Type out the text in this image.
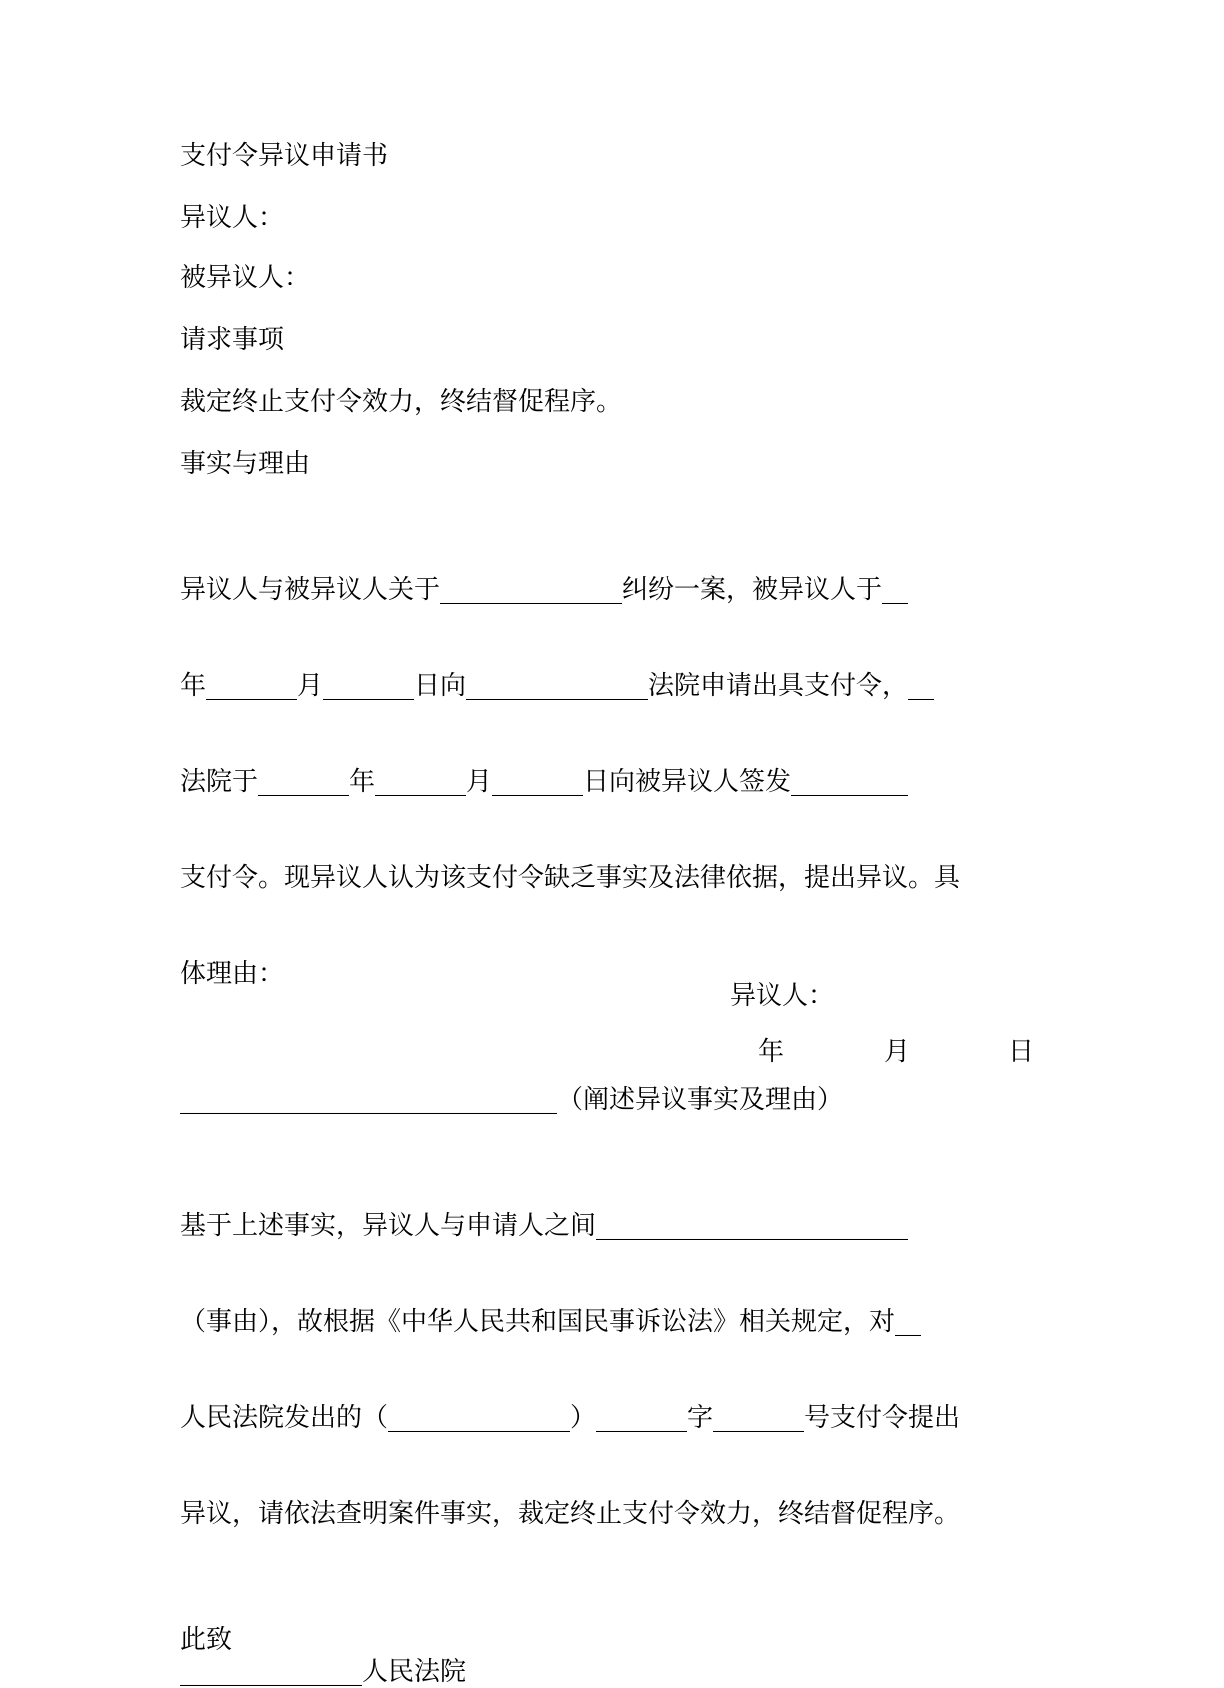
支付令异议申请书

异议人：

被异议人：

请求事项

裁定终止支付令效力，终结督促程序。

事实与理由

异议人与被异议人关于______________纠纷一案，被异议人于__

年_______月_______日向______________法院申请出具支付令，__

法院于_______年_______月_______日向被异议人签发_________

支付令。现异议人认为该支付令缺乏事实及法律依据，提出异议。具

体理由：

_____________________________（阐述异议事实及理由）

基于上述事实，异议人与申请人之间________________________

（事由），故根据《中华人民共和国民事诉讼法》相关规定，对__

人民法院发出的（______________）_______字_______号支付令提出

异议，请依法查明案件事实，裁定终止支付令效力，终结督促程序。

此致

______________人民法院

异议人：
年	月	日
